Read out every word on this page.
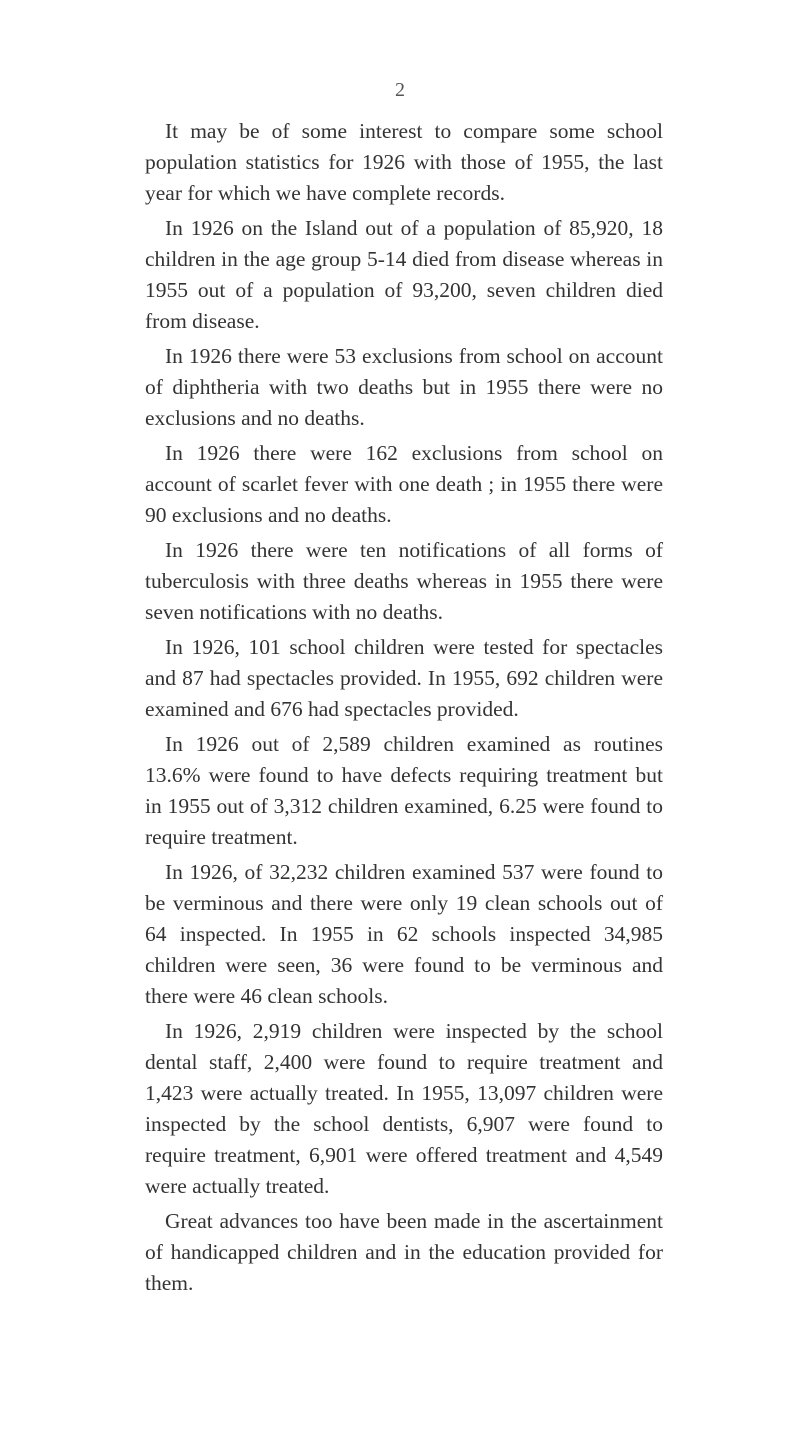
2

It may be of some interest to compare some school population statistics for 1926 with those of 1955, the last year for which we have complete records.

In 1926 on the Island out of a population of 85,920, 18 children in the age group 5-14 died from disease whereas in 1955 out of a population of 93,200, seven children died from disease.

In 1926 there were 53 exclusions from school on account of diphtheria with two deaths but in 1955 there were no exclusions and no deaths.

In 1926 there were 162 exclusions from school on account of scarlet fever with one death ; in 1955 there were 90 exclusions and no deaths.

In 1926 there were ten notifications of all forms of tuberculosis with three deaths whereas in 1955 there were seven notifications with no deaths.

In 1926, 101 school children were tested for spectacles and 87 had spectacles provided. In 1955, 692 children were examined and 676 had spectacles provided.

In 1926 out of 2,589 children examined as routines 13.6% were found to have defects requiring treatment but in 1955 out of 3,312 children examined, 6.25 were found to require treatment.

In 1926, of 32,232 children examined 537 were found to be verminous and there were only 19 clean schools out of 64 inspected. In 1955 in 62 schools inspected 34,985 children were seen, 36 were found to be verminous and there were 46 clean schools.

In 1926, 2,919 children were inspected by the school dental staff, 2,400 were found to require treatment and 1,423 were actually treated. In 1955, 13,097 children were inspected by the school dentists, 6,907 were found to require treatment, 6,901 were offered treatment and 4,549 were actually treated.

Great advances too have been made in the ascertainment of handicapped children and in the education provided for them.
